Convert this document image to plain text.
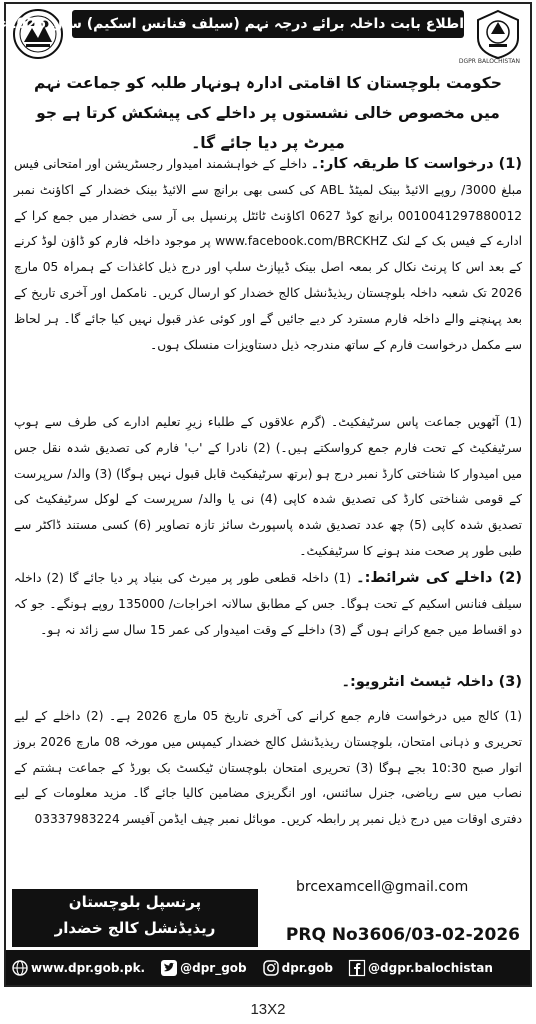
اطلاع بابت داخلہ برائے درجہ نہم (سیلف فنانس اسکیم) سال 2026ء
DGPR BALOCHISTAN
حکومت بلوچستان کا اقامتی ادارہ ہونہار طلبہ کو جماعت نہم میں مخصوص خالی نشستوں پر داخلے کی پیشکش کرتا ہے جو میرٹ پر دیا جائے گا۔
(1) درخواست کا طریقہ کار:۔ داخلے کے خواہشمند امیدوار رجسٹریشن اور امتحانی فیس مبلغ 3000/ روپے الائیڈ بینک لمیٹڈ ABL کی کسی بھی برانچ سے الائیڈ بینک خضدار کے اکاؤنٹ نمبر 0010041297880012 برانچ کوڈ 0627 اکاؤنٹ ٹائٹل پرنسپل بی آر سی خضدار میں جمع کرا کے ادارے کے فیس بک کے لنک www.facebook.com/BRCKHZ پر موجود داخلہ فارم کو ڈاؤن لوڈ کرنے کے بعد اس کا پرنٹ نکال کر بمعہ اصل بینک ڈیپازٹ سلپ اور درج ذیل کاغذات کے ہمراہ 05 مارچ 2026 تک شعبہ داخلہ بلوچستان ریذیڈنشل کالج خضدار کو ارسال کریں۔ نامکمل اور آخری تاریخ کے بعد پہنچنے والے داخلہ فارم مسترد کر دیے جائیں گے اور کوئی عذر قبول نہیں کیا جائے گا۔ ہر لحاظ سے مکمل درخواست فارم کے ساتھ مندرجہ ذیل دستاویزات منسلک ہوں۔
(1) آٹھویں جماعت پاس سرٹیفکیٹ۔ (گرم علاقوں کے طلباء زیرِ تعلیم ادارے کی طرف سے ہوپ سرٹیفکیٹ کے تحت فارم جمع کرواسکتے ہیں۔) (2) نادرا کے 'ب' فارم کی تصدیق شدہ نقل جس میں امیدوار کا شناختی کارڈ نمبر درج ہو (برتھ سرٹیفکیٹ قابل قبول نہیں ہوگا) (3) والد/ سرپرست کے قومی شناختی کارڈ کی تصدیق شدہ کاپی (4) نی یا والد/ سرپرست کے لوکل سرٹیفکیٹ کی تصدیق شدہ کاپی (5) چھ عدد تصدیق شدہ پاسپورٹ سائز تازہ تصاویر (6) کسی مستند ڈاکٹر سے طبی طور پر صحت مند ہونے کا سرٹیفکیٹ۔
(2) داخلے کی شرائط:۔ (1) داخلہ قطعی طور پر میرٹ کی بنیاد پر دیا جائے گا (2) داخلہ سیلف فنانس اسکیم کے تحت ہوگا۔ جس کے مطابق سالانہ اخراجات/ 135000 روپے ہونگے۔ جو کہ دو اقساط میں جمع کرانے ہوں گے (3) داخلے کے وقت امیدوار کی عمر 15 سال سے زائد نہ ہو۔
(3) داخلہ ٹیسٹ انٹرویو:۔
(1) کالج میں درخواست فارم جمع کرانے کی آخری تاریخ 05 مارچ 2026 ہے۔ (2) داخلے کے لیے تحریری و ذہانی امتحان، بلوچستان ریذیڈنشل کالج خضدار کیمپس میں مورخہ 08 مارچ 2026 بروز اتوار صبح 10:30 بجے ہوگا (3) تحریری امتحان بلوچستان ٹیکسٹ بک بورڈ کے جماعت ہشتم کے نصاب میں سے ریاضی، جنرل سائنس، اور انگریزی مضامین کالیا جائے گا۔ مزید معلومات کے لیے دفتری اوقات میں درج ذیل نمبر پر رابطہ کریں۔ موبائل نمبر چیف ایڈمن آفیسر 03337983224
brcexamcell@gmail.com
پرنسپل بلوچستان
ریذیڈنشل کالج خضدار	PRQ No3606/03-02-2026
www.dpr.gob.pk.	@dpr_gob	dpr.gob	@dgpr.balochistan
13X2
